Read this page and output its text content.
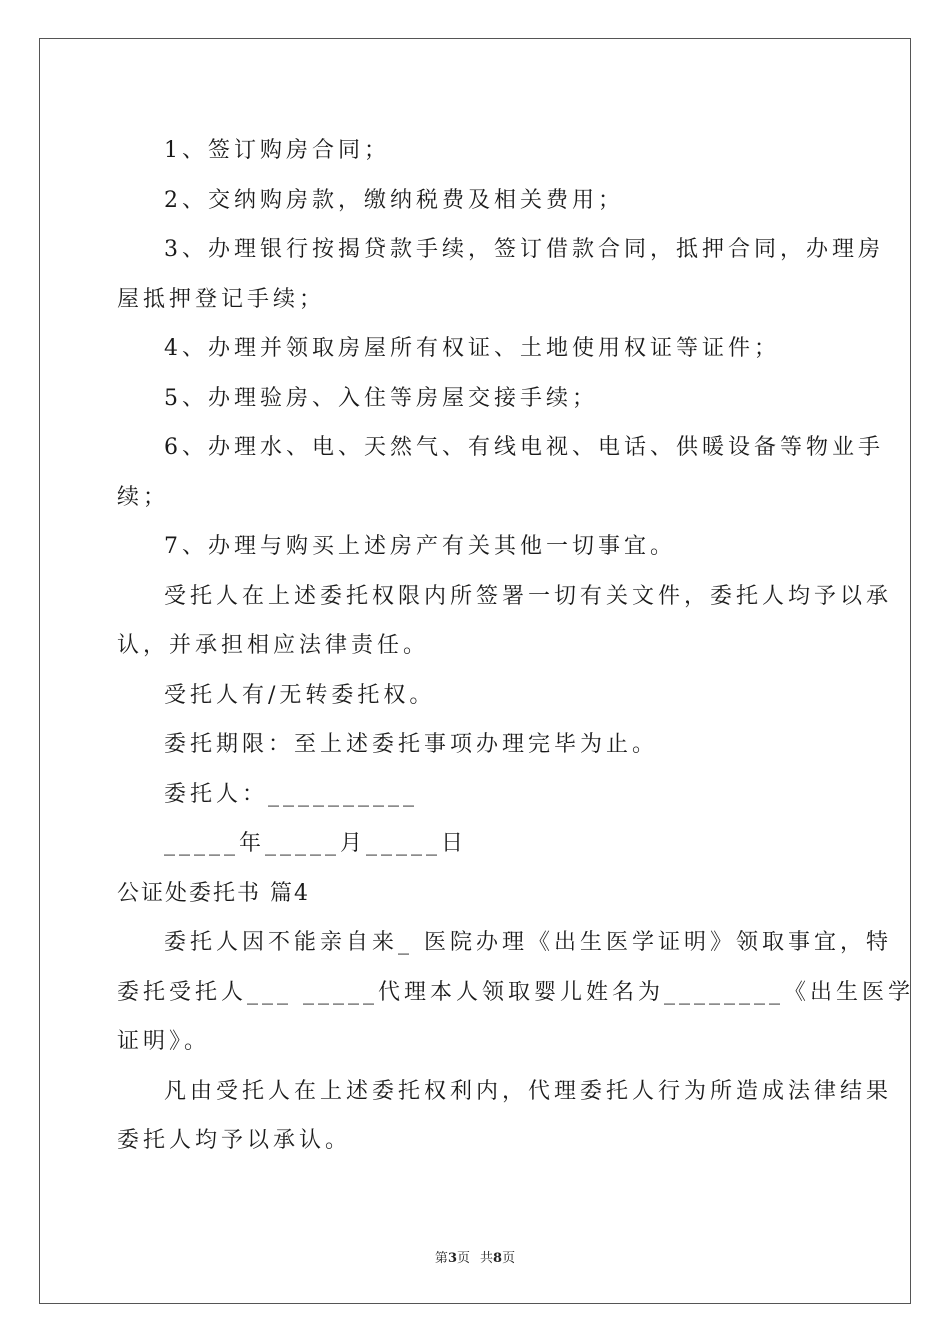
1、签订购房合同；

2、交纳购房款，缴纳税费及相关费用；

3、办理银行按揭贷款手续，签订借款合同，抵押合同，办理房

屋抵押登记手续；

4、办理并领取房屋所有权证、土地使用权证等证件；

5、办理验房、入住等房屋交接手续；

6、办理水、电、天然气、有线电视、电话、供暖设备等物业手

续；

7、办理与购买上述房产有关其他一切事宜。

受托人在上述委托权限内所签署一切有关文件，委托人均予以承

认，并承担相应法律责任。

受托人有/无转委托权。

委托期限：至上述委托事项办理完毕为止。

委托人：__________

_____年_____月_____日

公证处委托书 篇4

委托人因不能亲自来_ 医院办理《出生医学证明》领取事宜，特

委托受托人___ _____代理本人领取婴儿姓名为________《出生医学

证明》。

凡由受托人在上述委托权利内，代理委托人行为所造成法律结果

委托人均予以承认。

第3页 共8页
